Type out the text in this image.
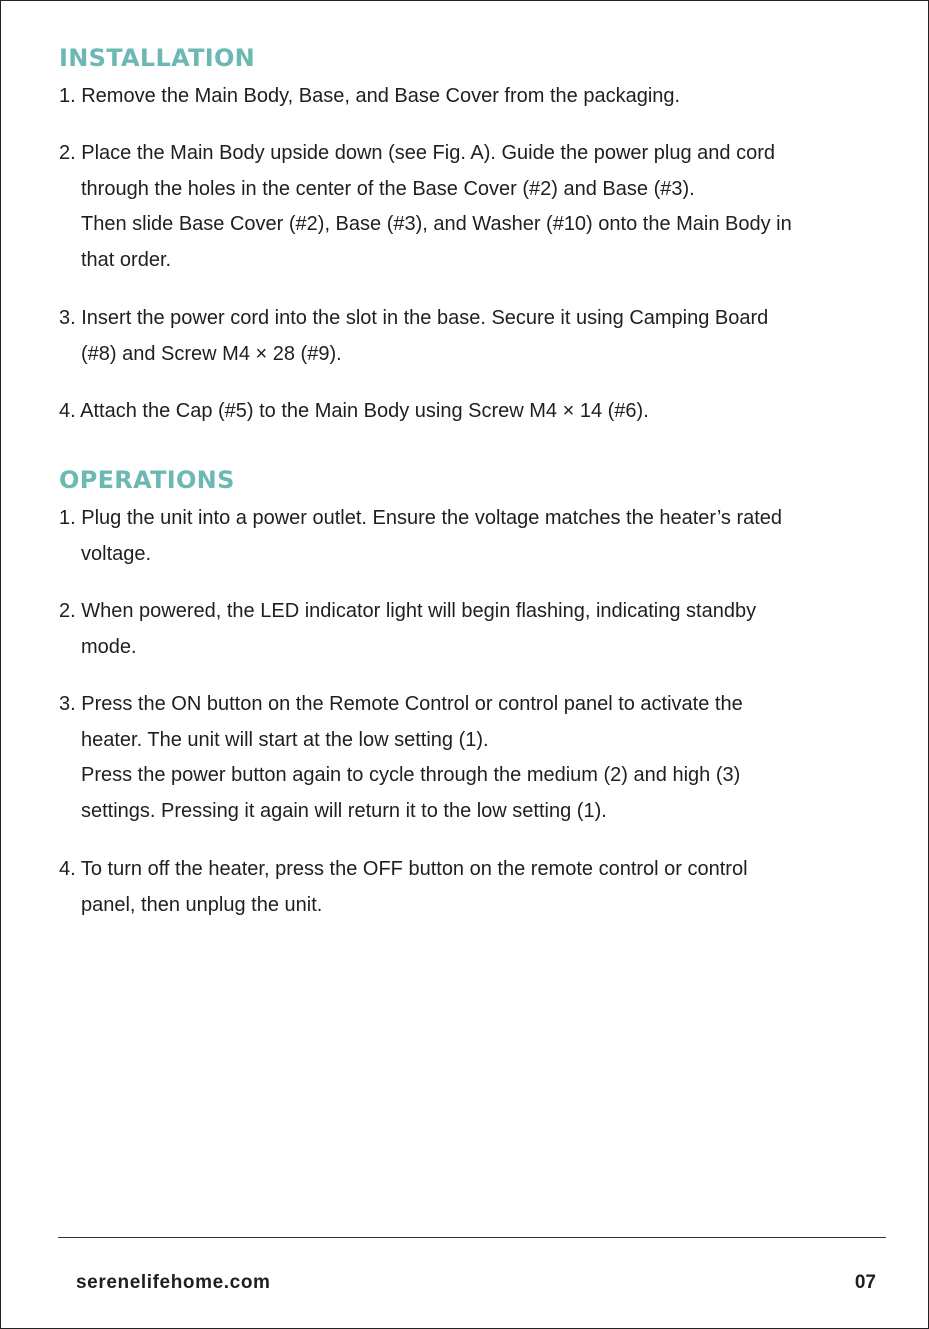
INSTALLATION
1. Remove the Main Body, Base, and Base Cover from the packaging.
2. Place the Main Body upside down (see Fig. A). Guide the power plug and cord
through the holes in the center of the Base Cover (#2) and Base (#3).
Then slide Base Cover (#2), Base (#3), and Washer (#10) onto the Main Body in
that order.
3. Insert the power cord into the slot in the base. Secure it using Camping Board
(#8) and Screw M4 × 28 (#9).
4. Attach the Cap (#5) to the Main Body using Screw M4 × 14 (#6).
OPERATIONS
1. Plug the unit into a power outlet. Ensure the voltage matches the heater’s rated
voltage.
2. When powered, the LED indicator light will begin flashing, indicating standby
mode.
3. Press the ON button on the Remote Control or control panel to activate the
heater. The unit will start at the low setting (1).
Press the power button again to cycle through the medium (2) and high (3)
settings. Pressing it again will return it to the low setting (1).
4. To turn off the heater, press the OFF button on the remote control or control
panel, then unplug the unit.
serenelifehome.com	07
